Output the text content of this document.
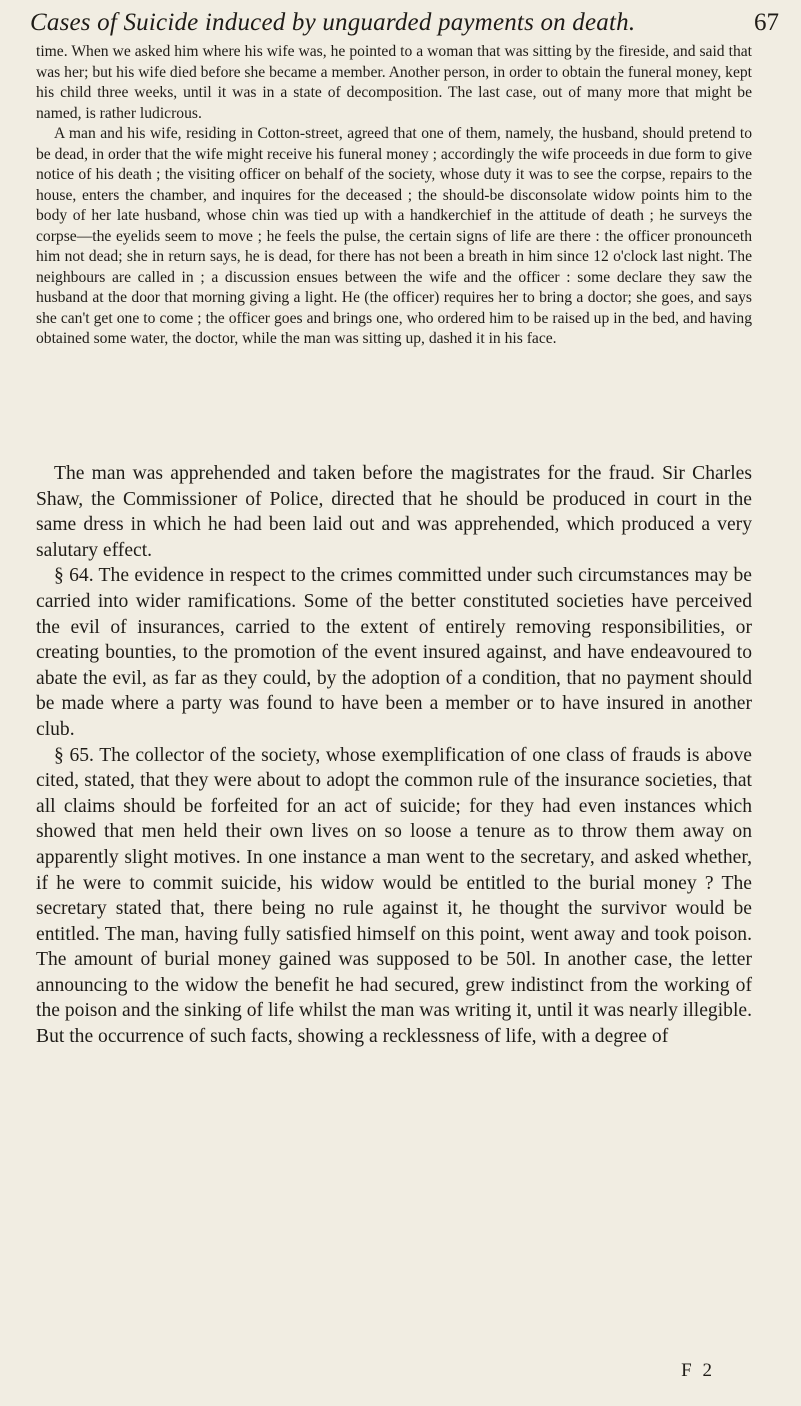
Cases of Suicide induced by unguarded payments on death.	67

time. When we asked him where his wife was, he pointed to a woman that was sitting by the fireside, and said that was her; but his wife died before she became a member. Another person, in order to obtain the funeral money, kept his child three weeks, until it was in a state of decomposition. The last case, out of many more that might be named, is rather ludicrous.

A man and his wife, residing in Cotton-street, agreed that one of them, namely, the husband, should pretend to be dead, in order that the wife might receive his funeral money ; accordingly the wife proceeds in due form to give notice of his death ; the visiting officer on behalf of the society, whose duty it was to see the corpse, repairs to the house, enters the chamber, and inquires for the deceased ; the should-be disconsolate widow points him to the body of her late husband, whose chin was tied up with a handkerchief in the attitude of death ; he surveys the corpse—the eyelids seem to move ; he feels the pulse, the certain signs of life are there : the officer pronounceth him not dead; she in return says, he is dead, for there has not been a breath in him since 12 o'clock last night. The neighbours are called in ; a discussion ensues between the wife and the officer : some declare they saw the husband at the door that morning giving a light. He (the officer) requires her to bring a doctor; she goes, and says she can't get one to come ; the officer goes and brings one, who ordered him to be raised up in the bed, and having obtained some water, the doctor, while the man was sitting up, dashed it in his face.

The man was apprehended and taken before the magistrates for the fraud. Sir Charles Shaw, the Commissioner of Police, directed that he should be produced in court in the same dress in which he had been laid out and was apprehended, which produced a very salutary effect.

§ 64. The evidence in respect to the crimes committed under such circumstances may be carried into wider ramifications. Some of the better constituted societies have perceived the evil of insurances, carried to the extent of entirely removing responsibilities, or creating bounties, to the promotion of the event insured against, and have endeavoured to abate the evil, as far as they could, by the adoption of a condition, that no payment should be made where a party was found to have been a member or to have insured in another club.

§ 65. The collector of the society, whose exemplification of one class of frauds is above cited, stated, that they were about to adopt the common rule of the insurance societies, that all claims should be forfeited for an act of suicide; for they had even instances which showed that men held their own lives on so loose a tenure as to throw them away on apparently slight motives. In one instance a man went to the secretary, and asked whether, if he were to commit suicide, his widow would be entitled to the burial money ? The secretary stated that, there being no rule against it, he thought the survivor would be entitled. The man, having fully satisfied himself on this point, went away and took poison. The amount of burial money gained was supposed to be 50l. In another case, the letter announcing to the widow the benefit he had secured, grew indistinct from the working of the poison and the sinking of life whilst the man was writing it, until it was nearly illegible. But the occurrence of such facts, showing a recklessness of life, with a degree of

F 2
